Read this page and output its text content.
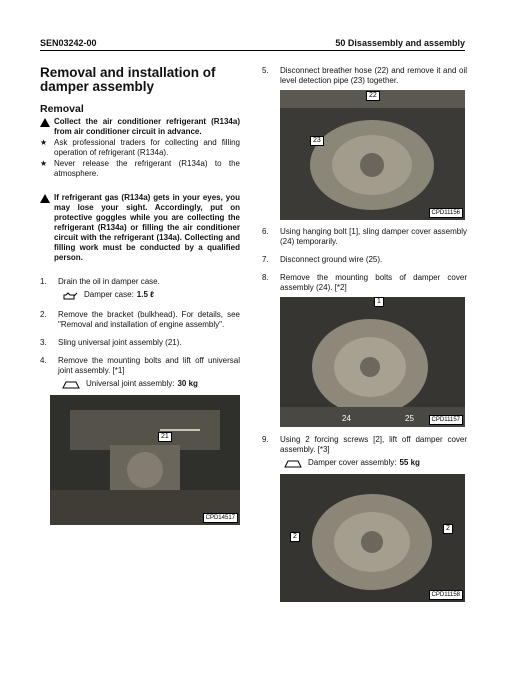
SEN03242-00	50 Disassembly and assembly
Removal and installation of damper assembly
Removal
Collect the air conditioner refrigerant (R134a) from air conditioner circuit in advance.
★ Ask professional traders for collecting and filling operation of refrigerant (R134a).
★ Never release the refrigerant (R134a) to the atmosphere.
If refrigerant gas (R134a) gets in your eyes, you may lose your sight. Accordingly, put on protective goggles while you are collecting the refrigerant (R134a) or filling the air conditioner circuit with the refrigerant (134a). Collecting and filling work must be conducted by a qualified person.
1.	Drain the oil in damper case.
Damper case: 1.5 ℓ
2.	Remove the bracket (bulkhead). For details, see "Removal and installation of engine assembly".
3.	Sling universal joint assembly (21).
4.	Remove the mounting bolts and lift off universal joint assembly. [*1]
Universal joint assembly: 30 kg
21
CPD14517
5.	Disconnect breather hose (22) and remove it and oil level detection pipe (23) together.
22
23
CPD11156
6.	Using hanging bolt [1], sling damper cover assembly (24) temporarily.
7.	Disconnect ground wire (25).
8.	Remove the mounting bolts of damper cover assembly (24). [*2]
1
24	25	CPD11157
9.	Using 2 forcing screws [2], lift off damper cover assembly. [*3]
Damper cover assembly: 55 kg
2
2
CPD11158
